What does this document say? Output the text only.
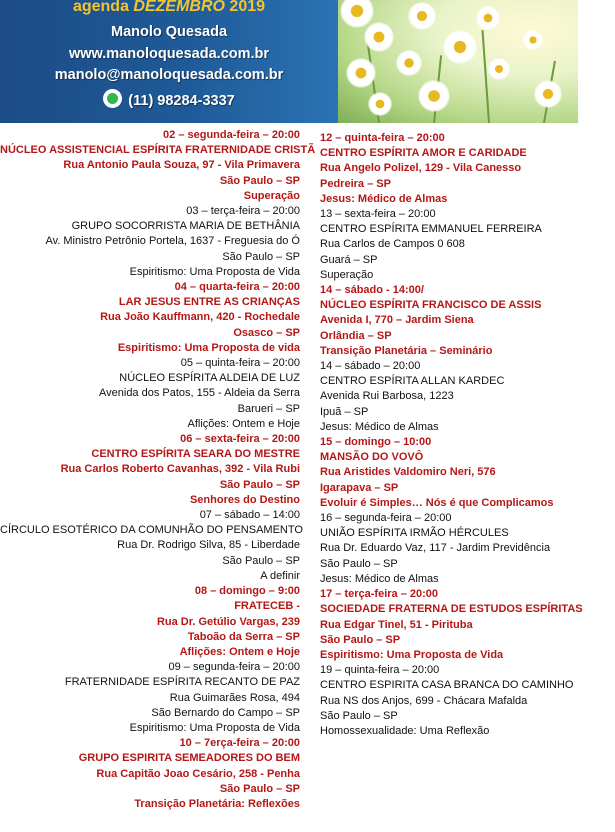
agenda DEZEMBRO 2019
Manolo Quesada
www.manoloquesada.com.br
manolo@manoloquesada.com.br
(11) 98284-3337
02 – segunda-feira – 20:00
NÚCLEO ASSISTENCIAL ESPÍRITA FRATERNIDADE CRISTÃ
Rua Antonio Paula Souza, 97 - Vila Primavera
São Paulo – SP
Superação
03 – terça-feira – 20:00
GRUPO SOCORRISTA MARIA DE BETHÂNIA
Av. Ministro Petrônio Portela, 1637 - Freguesia do Ó
São Paulo – SP
Espiritismo: Uma Proposta de Vida
04 – quarta-feira – 20:00
LAR JESUS ENTRE AS CRIANÇAS
Rua João Kauffmann, 420 - Rochedale
Osasco – SP
Espiritismo: Uma Proposta de vida
05 – quinta-feira – 20:00
NÚCLEO ESPÍRITA ALDEIA DE LUZ
Avenida dos Patos, 155 - Aldeia da Serra
Barueri – SP
Aflições: Ontem e Hoje
06 – sexta-feira – 20:00
CENTRO ESPÍRITA SEARA DO MESTRE
Rua Carlos Roberto Cavanhas, 392 - Vila Rubi
São Paulo – SP
Senhores do Destino
07 – sábado – 14:00
CÍRCULO ESOTÉRICO DA COMUNHÃO DO PENSAMENTO
Rua Dr. Rodrigo Silva, 85 - Liberdade
São Paulo – SP
A definir
08 – domingo – 9:00
FRATECEB -
Rua Dr. Getúlio Vargas, 239
Taboão da Serra – SP
Aflições: Ontem e Hoje
09 – segunda-feira – 20:00
FRATERNIDADE ESPÍRITA RECANTO DE PAZ
Rua Guimarães Rosa, 494
São Bernardo do Campo – SP
Espiritismo: Uma Proposta de Vida
10 – 7erça-feira – 20:00
GRUPO ESPIRITA SEMEADORES DO BEM
Rua Capitão Joao Cesário, 258 - Penha
São Paulo – SP
Transição Planetária: Reflexões
12 – quinta-feira – 20:00
CENTRO ESPÍRITA AMOR E CARIDADE
Rua Angelo Polizel, 129 - Vila Canesso
Pedreira – SP
Jesus: Médico de Almas
13 – sexta-feira – 20:00
CENTRO ESPÍRITA EMMANUEL FERREIRA
Rua Carlos de Campos 0 608
Guará – SP
Superação
14 – sábado - 14:00/
NÚCLEO ESPÍRITA FRANCISCO DE ASSIS
Avenida I, 770 – Jardim Siena
Orlândia – SP
Transição Planetária – Seminário
14 – sábado – 20:00
CENTRO ESPÍRITA ALLAN KARDEC
Avenida Rui Barbosa, 1223
Ipuã – SP
Jesus: Médico de Almas
15 – domingo – 10:00
MANSÃO DO VOVÔ
Rua Aristides Valdomiro Neri, 576
Igarapava – SP
Evoluir é Simples… Nós é que Complicamos
16 – segunda-feira – 20:00
UNIÃO ESPÍRITA IRMÃO HÉRCULES
Rua Dr. Eduardo Vaz, 117 - Jardim Previdência
São Paulo – SP
Jesus: Médico de Almas
17 – terça-feira – 20:00
SOCIEDADE FRATERNA DE ESTUDOS ESPÍRITAS
Rua Edgar Tinel, 51 - Pirituba
São Paulo – SP
Espiritismo: Uma Proposta de Vida
19 – quinta-feira – 20:00
CENTRO ESPIRITA CASA BRANCA DO CAMINHO
Rua NS dos Anjos, 699 - Chácara Mafalda
São Paulo – SP
Homossexualidade: Uma Reflexão
